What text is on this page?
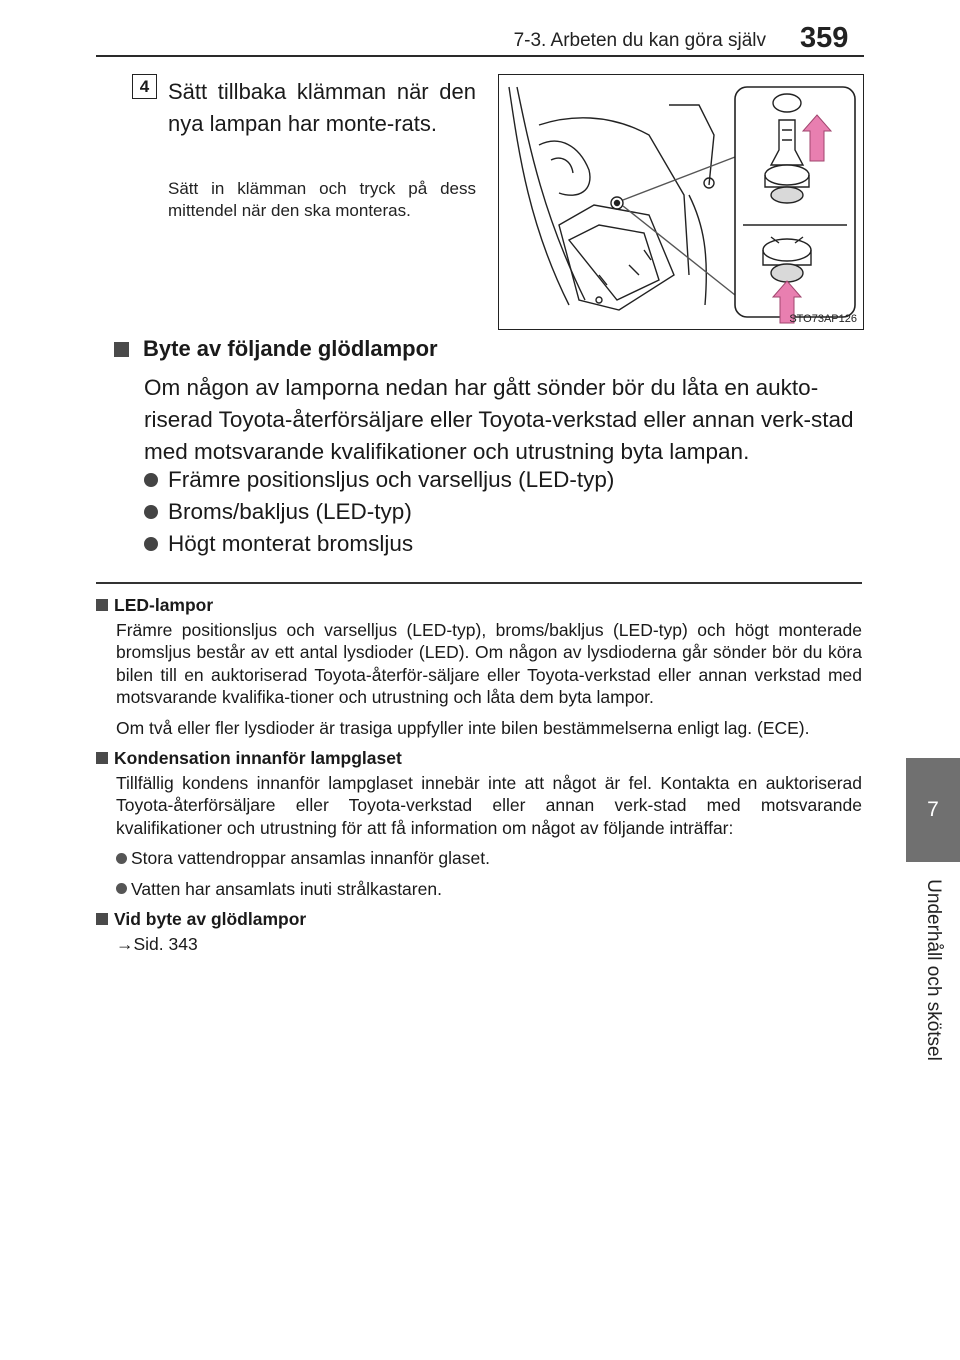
7-3. Arbeten du kan göra själv 359
7
Underhåll och skötsel
4 Sätt tillbaka klämman när den nya lampan har monte-rats.
Sätt in klämman och tryck på dess mittendel när den ska monteras.
STO73AP126
Byte av följande glödlampor
Om någon av lamporna nedan har gått sönder bör du låta en aukto-riserad Toyota-återförsäljare eller Toyota-verkstad eller annan verk-stad med motsvarande kvalifikationer och utrustning byta lampan.
Främre positionsljus och varselljus (LED-typ)
Broms/bakljus (LED-typ)
Högt monterat bromsljus
LED-lampor

Främre positionsljus och varselljus (LED-typ), broms/bakljus (LED-typ) och högt monterade bromsljus består av ett antal lysdioder (LED). Om någon av lysdioderna går sönder bör du köra bilen till en auktoriserad Toyota-återför-säljare eller Toyota-verkstad eller annan verkstad med motsvarande kvalifika-tioner och utrustning och låta dem byta lampor.

Om två eller fler lysdioder är trasiga uppfyller inte bilen bestämmelserna enligt lag. (ECE).

Kondensation innanför lampglaset

Tillfällig kondens innanför lampglaset innebär inte att något är fel. Kontakta en auktoriserad Toyota-återförsäljare eller Toyota-verkstad eller annan verk-stad med motsvarande kvalifikationer och utrustning för att få information om något av följande inträffar:

Stora vattendroppar ansamlas innanför glaset.
Vatten har ansamlats inuti strålkastaren.
Vid byte av glödlampor

→Sid. 343
